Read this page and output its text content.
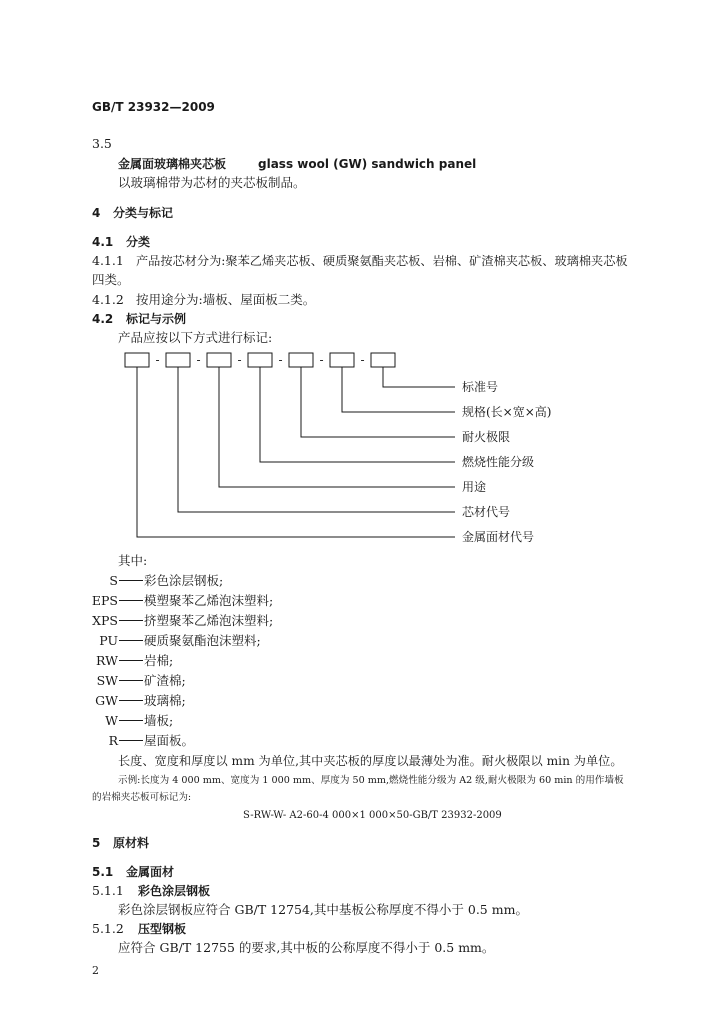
GB/T 23932—2009
3.5
金属面玻璃棉夹芯板	glass wool (GW) sandwich panel
以玻璃棉带为芯材的夹芯板制品。
4 分类与标记
4.1 分类
4.1.1 产品按芯材分为:聚苯乙烯夹芯板、硬质聚氨酯夹芯板、岩棉、矿渣棉夹芯板、玻璃棉夹芯板
四类。
4.1.2 按用途分为:墙板、屋面板二类。
4.2 标记与示例
产品应按以下方式进行标记:
-	-	-	-	-	-
标准号
规格(长×宽×高)
耐火极限
燃烧性能分级
用途
芯材代号
金属面材代号
其中:
S 彩色涂层钢板;
EPS 模塑聚苯乙烯泡沫塑料;
XPS 挤塑聚苯乙烯泡沫塑料;
PU 硬质聚氨酯泡沫塑料;
RW 岩棉;
SW 矿渣棉;
GW 玻璃棉;
W 墙板;
R 屋面板。
长度、宽度和厚度以 mm 为单位,其中夹芯板的厚度以最薄处为准。耐火极限以 min 为单位。
示例:长度为 4 000 mm、宽度为 1 000 mm、厚度为 50 mm,燃烧性能分级为 A2 级,耐火极限为 60 min 的用作墙板
的岩棉夹芯板可标记为:
S-RW-W- A2-60-4 000×1 000×50-GB/T 23932-2009
5 原材料
5.1 金属面材
5.1.1 彩色涂层钢板
彩色涂层钢板应符合 GB/T 12754,其中基板公称厚度不得小于 0.5 mm。
5.1.2 压型钢板
应符合 GB/T 12755 的要求,其中板的公称厚度不得小于 0.5 mm。
2
